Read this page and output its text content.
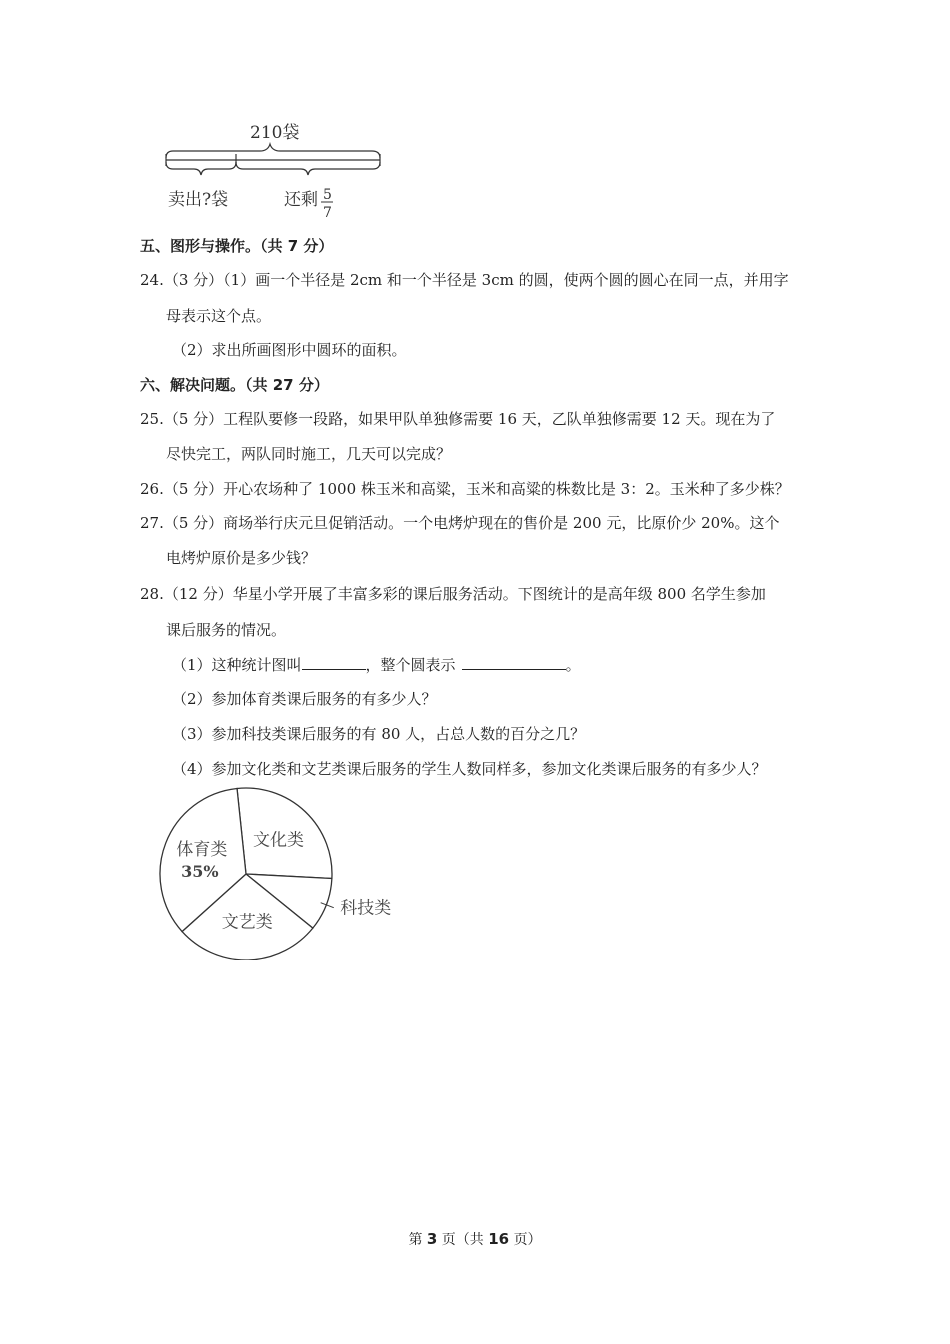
210袋
卖出?袋	还剩 5
7
五、图形与操作。（共 7 分）
24.（3 分）（1）画一个半径是 2cm 和一个半径是 3cm 的圆，使两个圆的圆心在同一点，并用字
母表示这个点。
（2）求出所画图形中圆环的面积。
六、解决问题。（共 27 分）
25.（5 分）工程队要修一段路，如果甲队单独修需要 16 天，乙队单独修需要 12 天。现在为了
尽快完工，两队同时施工，几天可以完成？
26.（5 分）开心农场种了 1000 株玉米和高粱，玉米和高粱的株数比是 3：2。玉米种了多少株？
27.（5 分）商场举行庆元旦促销活动。一个电烤炉现在的售价是 200 元，比原价少 20%。这个
电烤炉原价是多少钱？
28.（12 分）华星小学开展了丰富多彩的课后服务活动。下图统计的是高年级 800 名学生参加
课后服务的情况。
（1）这种统计图叫	，整个圆表示	。
（2）参加体育类课后服务的有多少人？
（3）参加科技类课后服务的有 80 人，占总人数的百分之几？
（4）参加文化类和文艺类课后服务的学生人数同样多，参加文化类课后服务的有多少人？
体育类
35%
文化类
科技类
文艺类
第 3 页（共 16 页）
